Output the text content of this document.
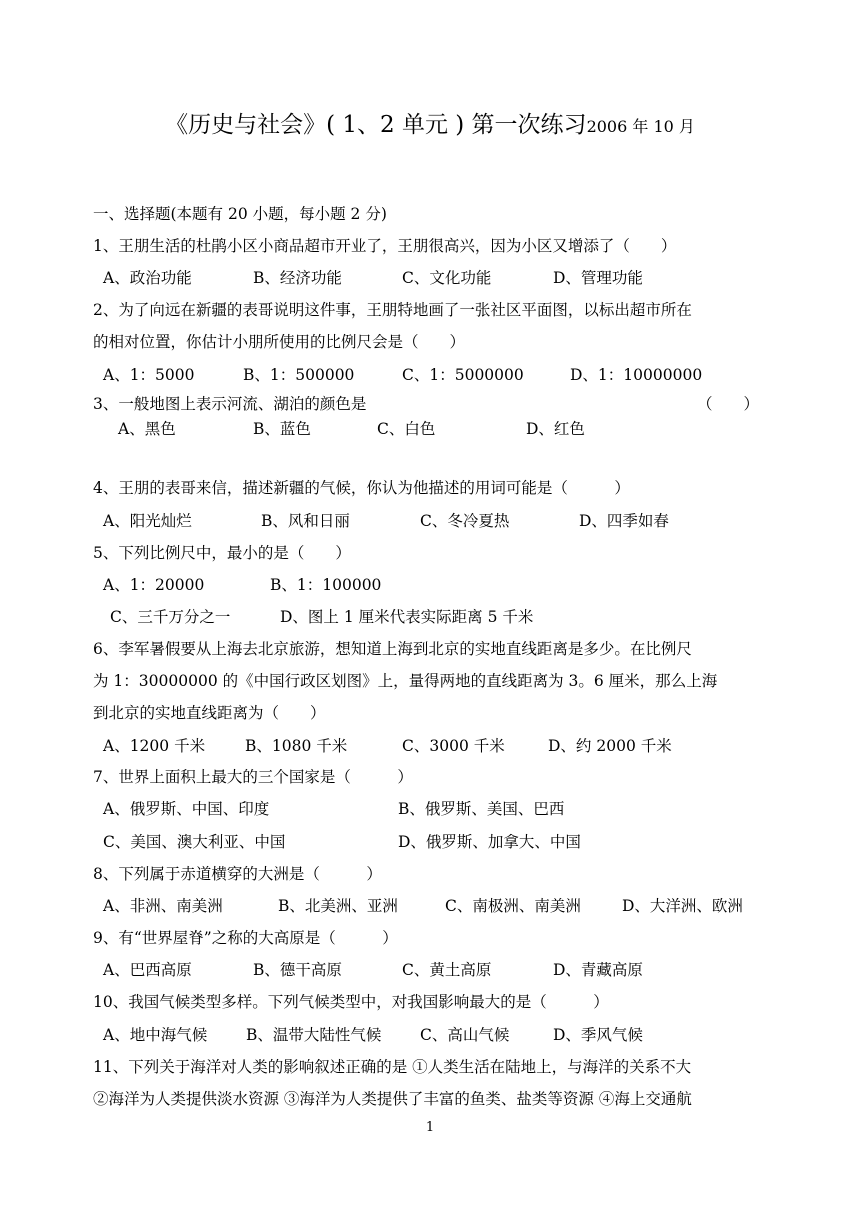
《历史与社会》( 1、2 单元 ) 第一次练习2006 年 10 月
一、选择题(本题有 20 小题，每小题 2 分)
1、王朋生活的杜鹃小区小商品超市开业了，王朋很高兴，因为小区又增添了（　　）
A、政治功能	B、经济功能	C、文化功能	D、管理功能
2、为了向远在新疆的表哥说明这件事，王朋特地画了一张社区平面图，以标出超市所在
的相对位置，你估计小朋所使用的比例尺会是（　　）
A、1：5000	B、1：500000	C、1：5000000	D、1：10000000
3、一般地图上表示河流、湖泊的颜色是	（　　）
A、黑色	B、蓝色	C、白色	D、红色
4、王朋的表哥来信，描述新疆的气候，你认为他描述的用词可能是（　　　）
A、阳光灿烂	B、风和日丽	C、冬冷夏热	D、四季如春
5、下列比例尺中，最小的是（　　）
A、1：20000	B、1：100000
C、三千万分之一	D、图上 1 厘米代表实际距离 5 千米
6、李军暑假要从上海去北京旅游，想知道上海到北京的实地直线距离是多少。在比例尺
为 1：30000000 的《中国行政区划图》上，量得两地的直线距离为 3。6 厘米，那么上海
到北京的实地直线距离为（　　）
A、1200 千米	B、1080 千米	C、3000 千米	D、约 2000 千米
7、世界上面积上最大的三个国家是（　　　）
A、俄罗斯、中国、印度	B、俄罗斯、美国、巴西
C、美国、澳大利亚、中国	D、俄罗斯、加拿大、中国
8、下列属于赤道横穿的大洲是（　　　）
A、非洲、南美洲	B、北美洲、亚洲	C、南极洲、南美洲	D、大洋洲、欧洲
9、有“世界屋脊”之称的大高原是（　　　）
A、巴西高原	B、德干高原	C、黄土高原	D、青藏高原
10、我国气候类型多样。下列气候类型中，对我国影响最大的是（　　　）
A、地中海气候	B、温带大陆性气候 C、高山气候	D、季风气候
11、下列关于海洋对人类的影响叙述正确的是 ①人类生活在陆地上，与海洋的关系不大
②海洋为人类提供淡水资源 ③海洋为人类提供了丰富的鱼类、盐类等资源 ④海上交通航
1
